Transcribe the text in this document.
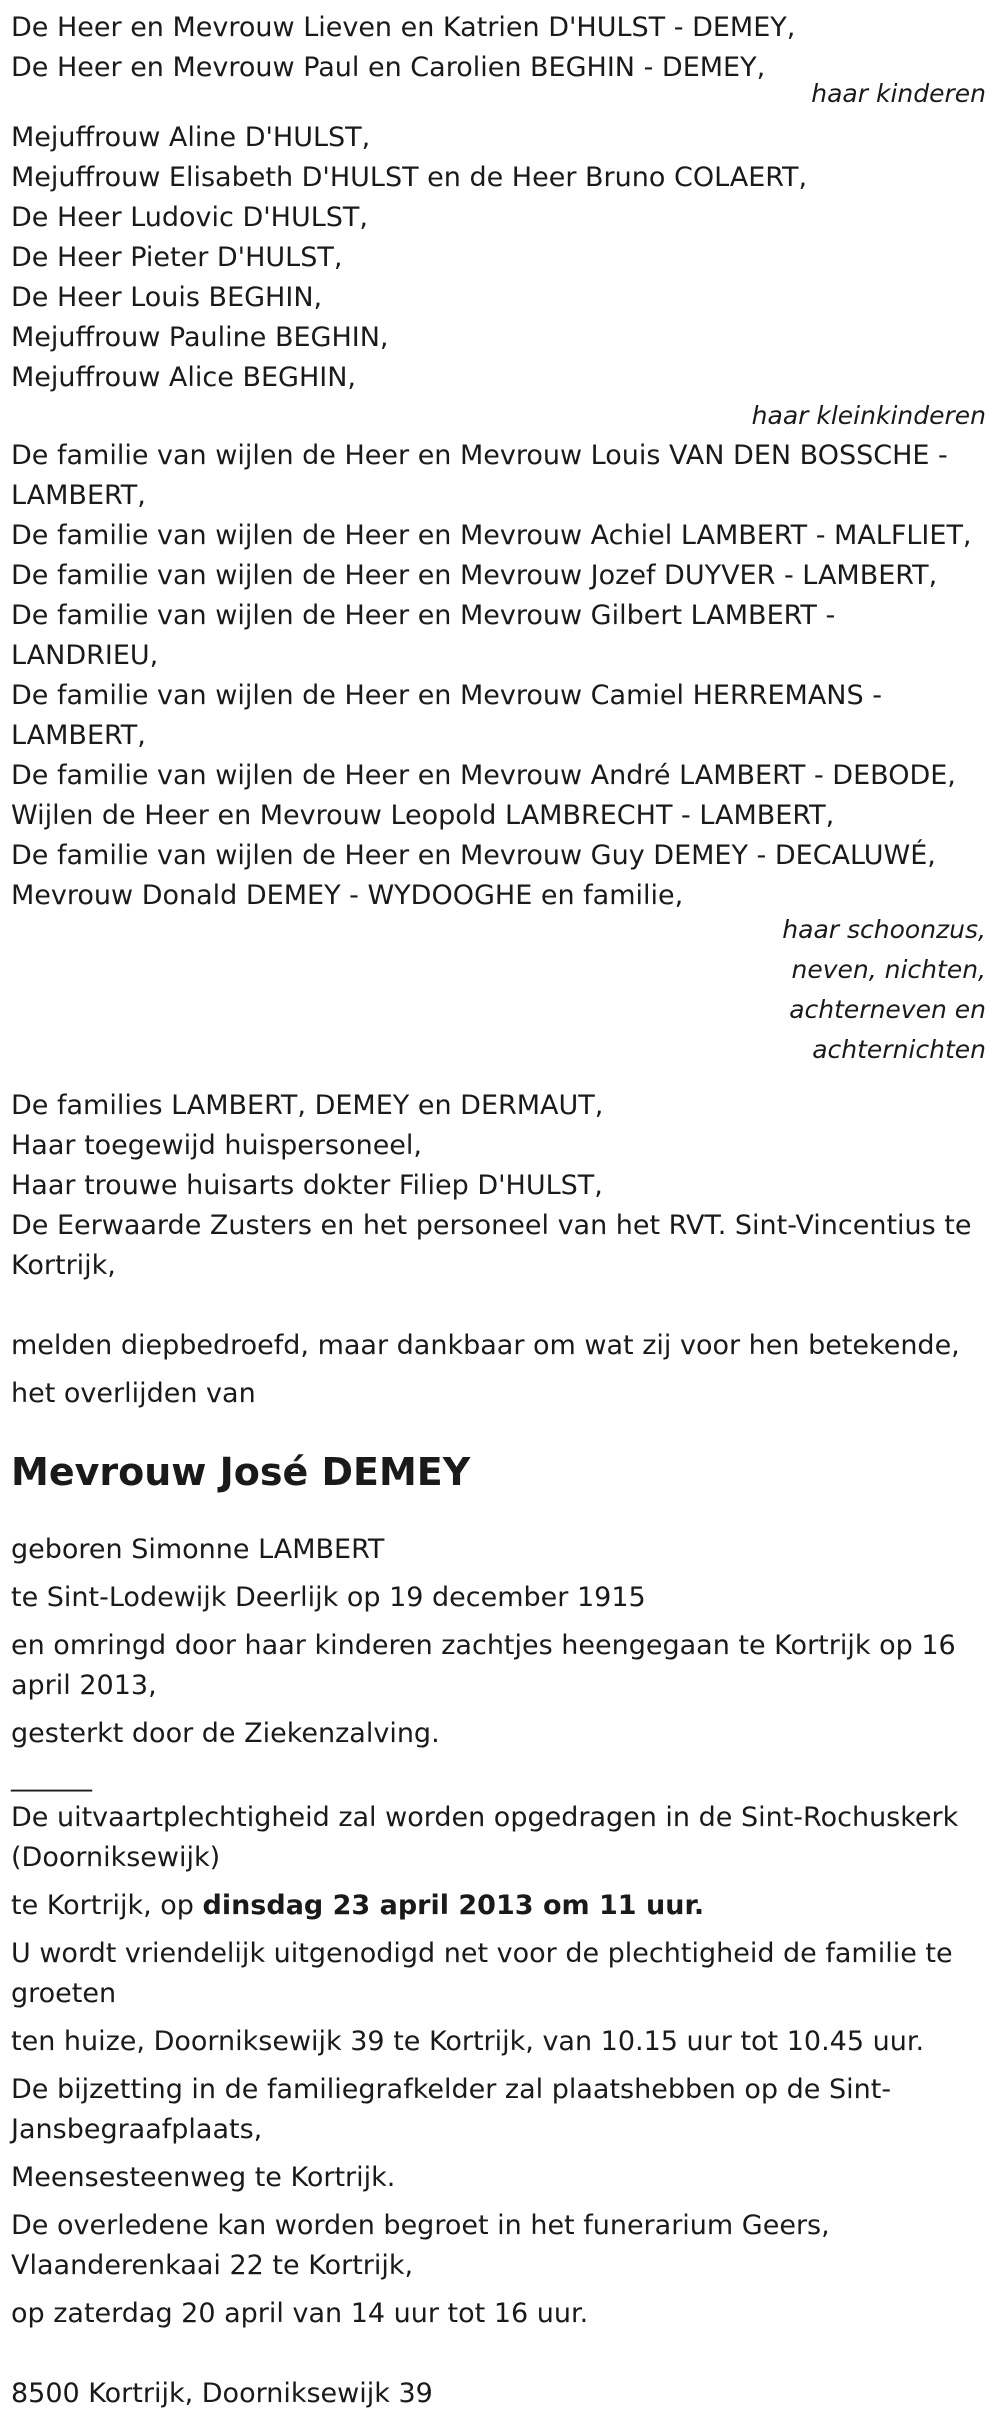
De Heer en Mevrouw Lieven en Katrien D'HULST - DEMEY,
De Heer en Mevrouw Paul en Carolien BEGHIN - DEMEY,
haar kinderen
Mejuffrouw Aline D'HULST,
Mejuffrouw Elisabeth D'HULST en de Heer Bruno COLAERT,
De Heer Ludovic D'HULST,
De Heer Pieter D'HULST,
De Heer Louis BEGHIN,
Mejuffrouw Pauline BEGHIN,
Mejuffrouw Alice BEGHIN,
haar kleinkinderen
De familie van wijlen de Heer en Mevrouw Louis VAN DEN BOSSCHE - LAMBERT,
De familie van wijlen de Heer en Mevrouw Achiel LAMBERT - MALFLIET,
De familie van wijlen de Heer en Mevrouw Jozef DUYVER - LAMBERT,
De familie van wijlen de Heer en Mevrouw Gilbert LAMBERT - LANDRIEU,
De familie van wijlen de Heer en Mevrouw Camiel HERREMANS - LAMBERT,
De familie van wijlen de Heer en Mevrouw André LAMBERT - DEBODE,
Wijlen de Heer en Mevrouw Leopold LAMBRECHT - LAMBERT,
De familie van wijlen de Heer en Mevrouw Guy DEMEY - DECALUWÉ,
Mevrouw Donald DEMEY - WYDOOGHE en familie,
haar schoonzus,
neven, nichten,
achterneven en
achternichten
De families LAMBERT, DEMEY en DERMAUT,
Haar toegewijd huispersoneel,
Haar trouwe huisarts dokter Filiep D'HULST,
De Eerwaarde Zusters en het personeel van het RVT. Sint-Vincentius te Kortrijk,
melden diepbedroefd, maar dankbaar om wat zij voor hen betekende,
het overlijden van
Mevrouw José DEMEY
geboren Simonne LAMBERT
te Sint-Lodewijk Deerlijk op 19 december 1915
en omringd door haar kinderen zachtjes heengegaan te Kortrijk op 16 april 2013,
gesterkt door de Ziekenzalving.
______
De uitvaartplechtigheid zal worden opgedragen in de Sint-Rochuskerk (Doorniksewijk)
te Kortrijk, op dinsdag 23 april 2013 om 11 uur.
U wordt vriendelijk uitgenodigd net voor de plechtigheid de familie te groeten
ten huize, Doorniksewijk 39 te Kortrijk, van 10.15 uur tot 10.45 uur.
De bijzetting in de familiegrafkelder zal plaatshebben op de Sint-Jansbegraafplaats,
Meensesteenweg te Kortrijk.
De overledene kan worden begroet in het funerarium Geers, Vlaanderenkaai 22 te Kortrijk,
op zaterdag 20 april van 14 uur tot 16 uur.
8500 Kortrijk, Doorniksewijk 39
